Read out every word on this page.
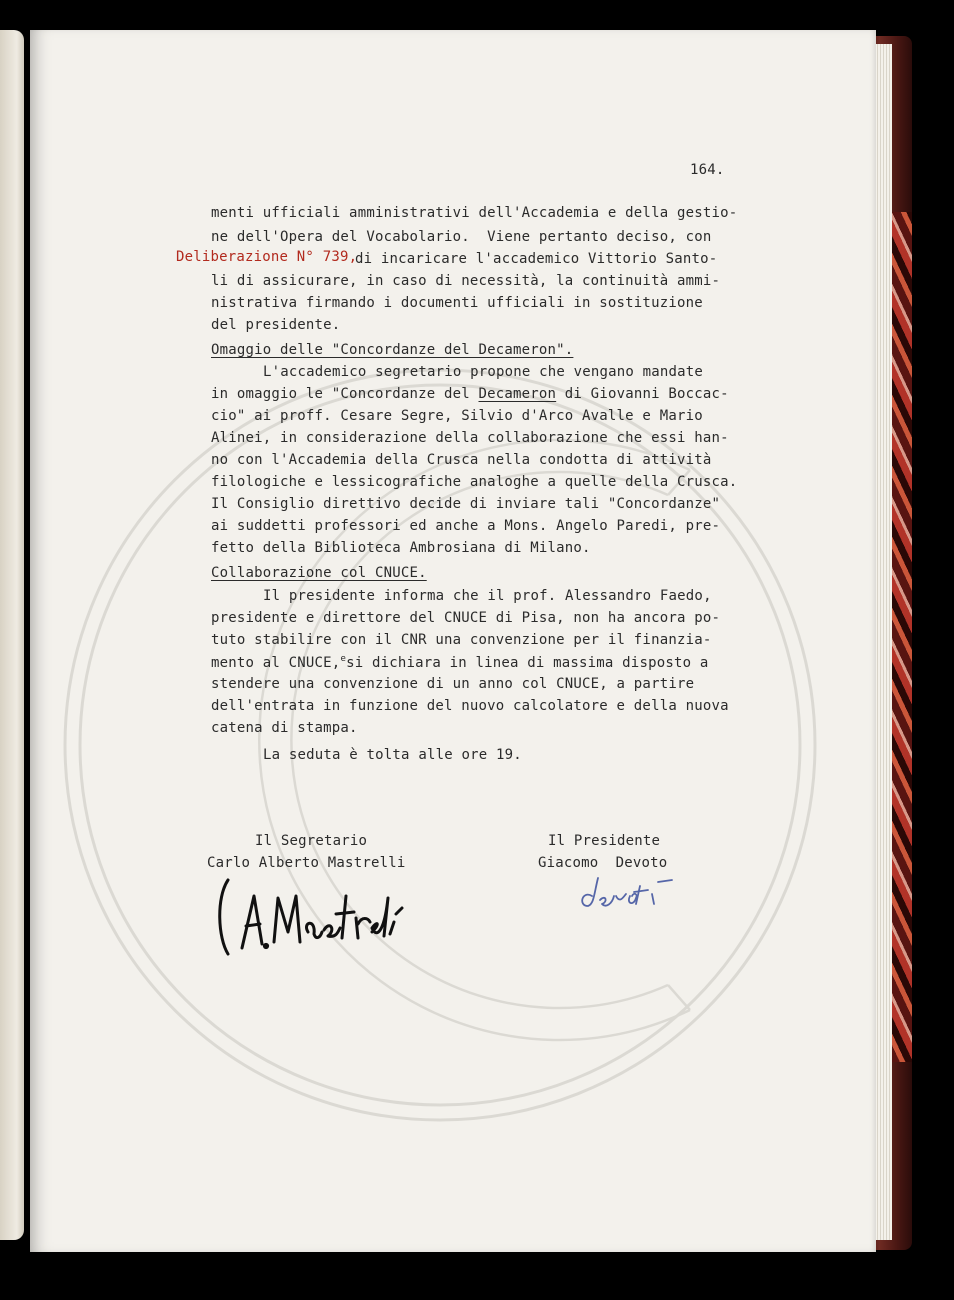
164.
menti ufficiali amministrativi dell'Accademia e della gestio-
ne dell'Opera del Vocabolario.  Viene pertanto deciso, con
Deliberazione N° 739,
di incaricare l'accademico Vittorio Santo-
li di assicurare, in caso di necessità, la continuità ammi-
nistrativa firmando i documenti ufficiali in sostituzione
del presidente.
Omaggio delle "Concordanze del Decameron".
L'accademico segretario propone che vengano mandate
in omaggio le "Concordanze del Decameron di Giovanni Boccac-
cio" ai proff. Cesare Segre, Silvio d'Arco Avalle e Mario
Alinei, in considerazione della collaborazione che essi han-
no con l'Accademia della Crusca nella condotta di attività
filologiche e lessicografiche analoghe a quelle della Crusca.
Il Consiglio direttivo decide di inviare tali "Concordanze"
ai suddetti professori ed anche a Mons. Angelo Paredi, pre-
fetto della Biblioteca Ambrosiana di Milano.
Collaborazione col CNUCE.
Il presidente informa che il prof. Alessandro Faedo,
presidente e direttore del CNUCE di Pisa, non ha ancora po-
tuto stabilire con il CNR una convenzione per il finanzia-
mento al CNUCE,$^e$si dichiara in linea di massima disposto a
stendere una convenzione di un anno col CNUCE, a partire
dell'entrata in funzione del nuovo calcolatore e della nuova
catena di stampa.
La seduta è tolta alle ore 19.
Il Segretario
Carlo Alberto Mastrelli
Il Presidente
Giacomo  Devoto
